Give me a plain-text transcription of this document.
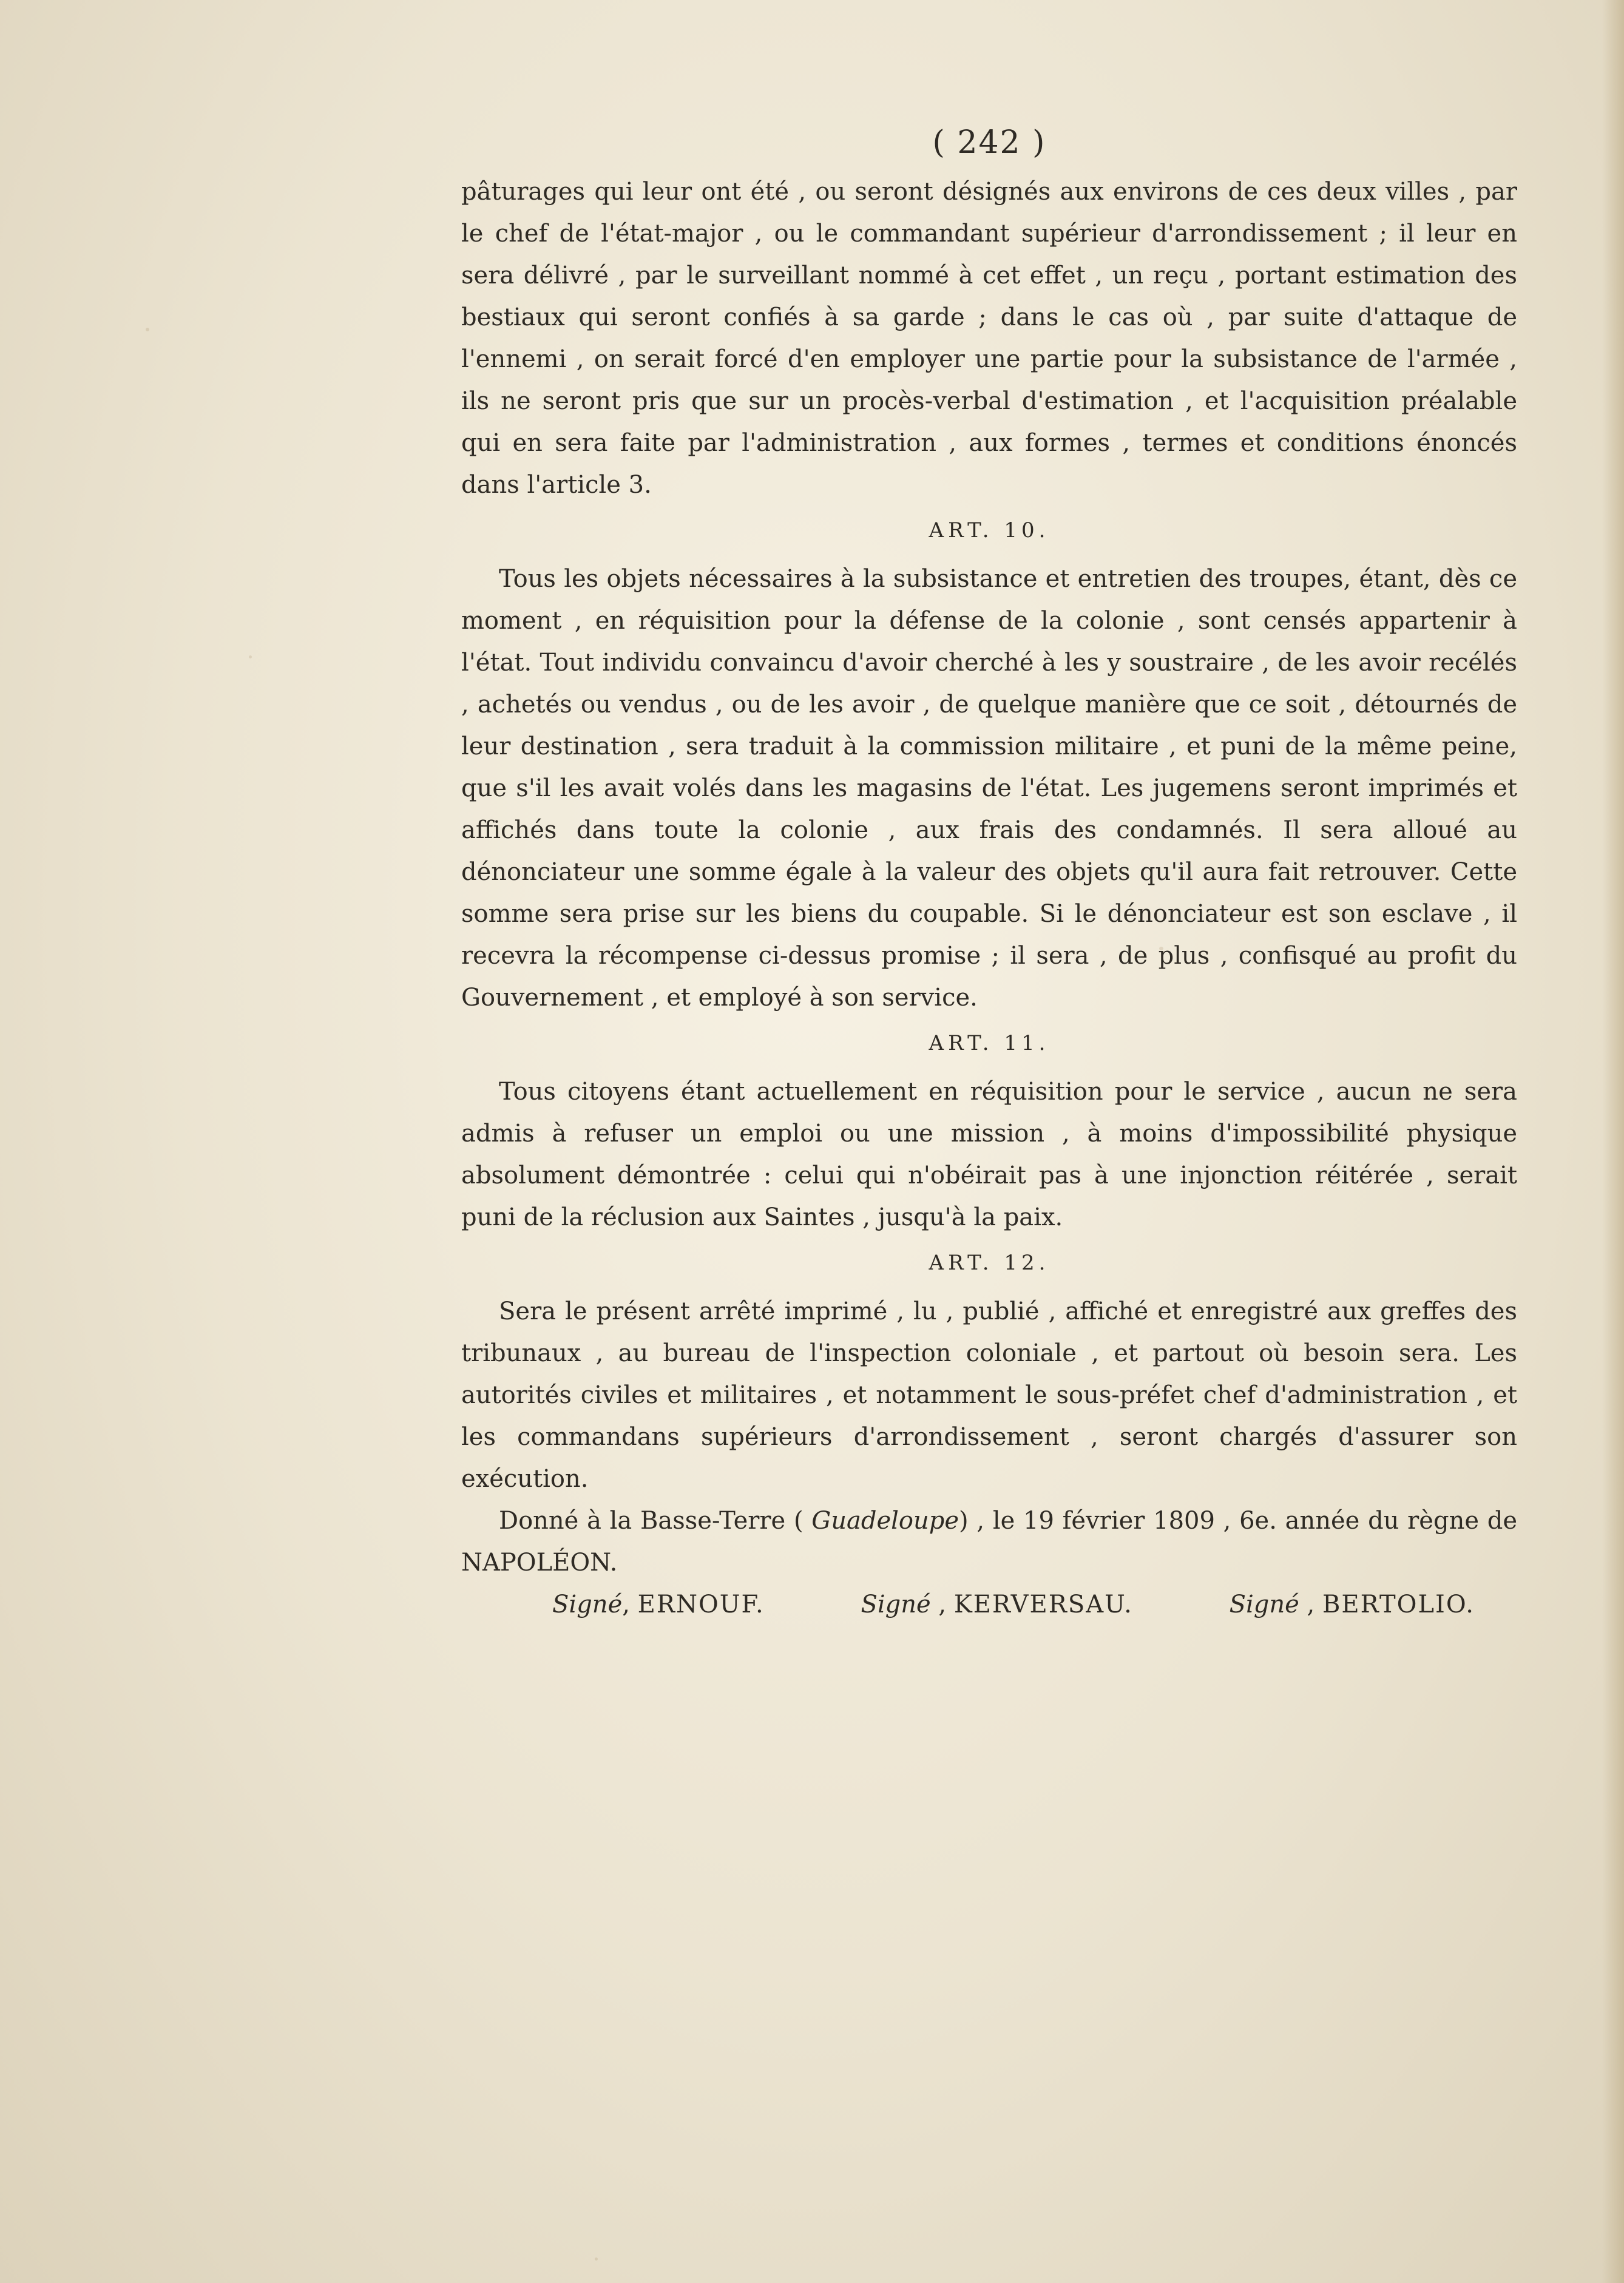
( 242 )

pâturages qui leur ont été , ou seront désignés aux environs de ces deux villes , par le chef de l'état-major , ou le commandant supérieur d'arrondissement ; il leur en sera délivré , par le surveillant nommé à cet effet , un reçu , portant estimation des bestiaux qui seront confiés à sa garde ; dans le cas où , par suite d'attaque de l'ennemi , on serait forcé d'en employer une partie pour la subsistance de l'armée , ils ne seront pris que sur un procès-verbal d'estimation , et l'acquisition préalable qui en sera faite par l'administration , aux formes , termes et conditions énoncés dans l'article 3.

ART. 10.

Tous les objets nécessaires à la subsistance et entretien des troupes, étant, dès ce moment , en réquisition pour la défense de la colonie , sont censés appartenir à l'état. Tout individu convaincu d'avoir cherché à les y soustraire , de les avoir recélés , achetés ou vendus , ou de les avoir , de quelque manière que ce soit , détournés de leur destination , sera traduit à la commission militaire , et puni de la même peine, que s'il les avait volés dans les magasins de l'état. Les jugemens seront imprimés et affichés dans toute la colonie , aux frais des condamnés. Il sera alloué au dénonciateur une somme égale à la valeur des objets qu'il aura fait retrouver. Cette somme sera prise sur les biens du coupable. Si le dénonciateur est son esclave , il recevra la récompense ci-dessus promise ; il sera , de plus , confisqué au profit du Gouvernement , et employé à son service.

ART. 11.

Tous citoyens étant actuellement en réquisition pour le service , aucun ne sera admis à refuser un emploi ou une mission , à moins d'impossibilité physique absolument démontrée : celui qui n'obéirait pas à une injonction réitérée , serait puni de la réclusion aux Saintes , jusqu'à la paix.

ART. 12.

Sera le présent arrêté imprimé , lu , publié , affiché et enregistré aux greffes des tribunaux , au bureau de l'inspection coloniale , et partout où besoin sera. Les autorités civiles et militaires , et notamment le sous-préfet chef d'administration , et les commandans supérieurs d'arrondissement , seront chargés d'assurer son exécution.

Donné à la Basse-Terre ( Guadeloupe) , le 19 février 1809 , 6e. année du règne de NAPOLÉON.

Signé, ERNOUF.	Signé , KERVERSAU.	Signé , BERTOLIO.
